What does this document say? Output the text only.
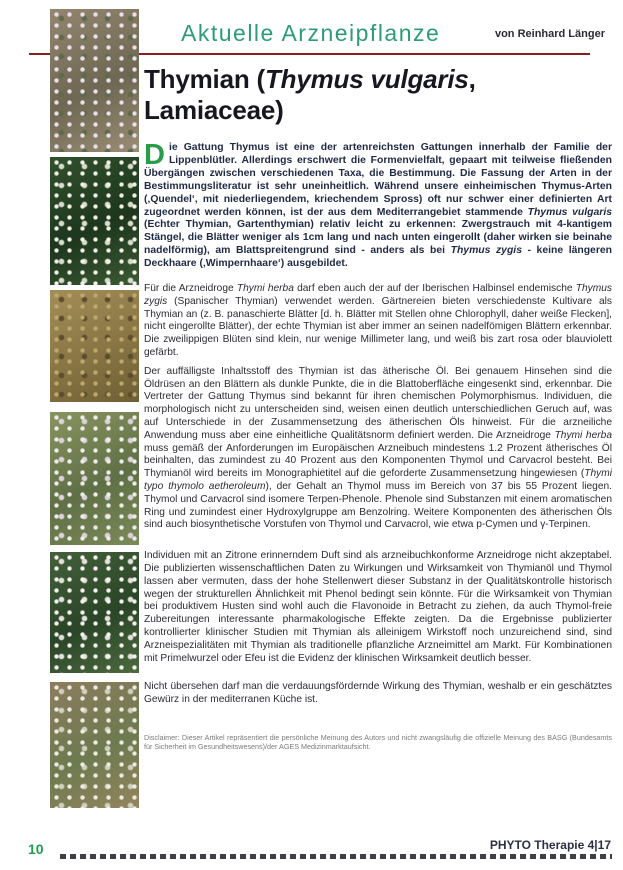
Aktuelle Arzneipflanze	von Reinhard Länger
Thymian (Thymus vulgaris, Lamiaceae)

Die Gattung Thymus ist eine der artenreichsten Gattungen innerhalb der Familie der Lippenblütler. Allerdings erschwert die Formenvielfalt, gepaart mit teilweise fließenden Übergängen zwischen verschiedenen Taxa, die Bestimmung. Die Fassung der Arten in der Bestimmungsliteratur ist sehr uneinheitlich. Während unsere einheimischen Thymus-Arten (‚Quendel‘, mit niederliegendem, kriechendem Spross) oft nur schwer einer definierten Art zugeordnet werden können, ist der aus dem Mediterrangebiet stammende Thymus vulgaris (Echter Thymian, Gartenthymian) relativ leicht zu erkennen: Zwergstrauch mit 4-kantigem Stängel, die Blätter weniger als 1cm lang und nach unten eingerollt (daher wirken sie beinahe nadelförmig), am Blattspreitengrund sind - anders als bei Thymus zygis - keine längeren Deckhaare (‚Wimpernhaare‘) ausgebildet.

Für die Arzneidroge Thymi herba darf eben auch der auf der Iberischen Halbinsel endemische Thymus zygis (Spanischer Thymian) verwendet werden. Gärtnereien bieten verschiedenste Kultivare als Thymian an (z. B. panaschierte Blätter [d. h. Blätter mit Stellen ohne Chlorophyll, daher weiße Flecken], nicht eingerollte Blätter), der echte Thymian ist aber immer an seinen nadelfömigen Blättern erkennbar. Die zweilippigen Blüten sind klein, nur wenige Millimeter lang, und weiß bis zart rosa oder blauviolett gefärbt.

Der auffälligste Inhaltsstoff des Thymian ist das ätherische Öl. Bei genauem Hinsehen sind die Öldrüsen an den Blättern als dunkle Punkte, die in die Blattoberfläche eingesenkt sind, erkennbar. Die Vertreter der Gattung Thymus sind bekannt für ihren chemischen Polymorphismus. Individuen, die morphologisch nicht zu unterscheiden sind, weisen einen deutlich unterschiedlichen Geruch auf, was auf Unterschiede in der Zusammensetzung des ätherischen Öls hinweist. Für die arzneiliche Anwendung muss aber eine einheitliche Qualitätsnorm definiert werden. Die Arzneidroge Thymi herba muss gemäß der Anforderungen im Europäischen Arzneibuch mindestens 1.2 Prozent ätherisches Öl beinhalten, das zumindest zu 40 Prozent aus den Komponenten Thymol und Carvacrol besteht. Bei Thymianöl wird bereits im Monographietitel auf die geforderte Zusammensetzung hingewiesen (Thymi typo thymolo aetheroleum), der Gehalt an Thymol muss im Bereich von 37 bis 55 Prozent liegen. Thymol und Carvacrol sind isomere Terpen-Phenole. Phenole sind Substanzen mit einem aromatischen Ring und zumindest einer Hydroxylgruppe am Benzolring. Weitere Komponenten des ätherischen Öls sind auch biosynthetische Vorstufen von Thymol und Carvacrol, wie etwa p-Cymen und γ-Terpinen.

Individuen mit an Zitrone erinnerndem Duft sind als arzneibuchkonforme Arzneidroge nicht akzeptabel. Die publizierten wissenschaftlichen Daten zu Wirkungen und Wirksamkeit von Thymianöl und Thymol lassen aber vermuten, dass der hohe Stellenwert dieser Substanz in der Qualitätskontrolle historisch wegen der strukturellen Ähnlichkeit mit Phenol bedingt sein könnte. Für die Wirksamkeit von Thymian bei produktivem Husten sind wohl auch die Flavonoide in Betracht zu ziehen, da auch Thymol-freie Zubereitungen interessante pharmakologische Effekte zeigten. Da die Ergebnisse publizierter kontrollierter klinischer Studien mit Thymian als alleinigem Wirkstoff noch unzureichend sind, sind Arzneispezialitäten mit Thymian als traditionelle pflanzliche Arzneimittel am Markt. Für Kombinationen mit Primelwurzel oder Efeu ist die Evidenz der klinischen Wirksamkeit deutlich besser.

Nicht übersehen darf man die verdauungsfördernde Wirkung des Thymian, weshalb er ein geschätztes Gewürz in der mediterranen Küche ist.

Disclaimer: Dieser Artikel repräsentiert die persönliche Meinung des Autors und nicht zwangsläufig die offizielle Meinung des BASG (Bundesamts für Sicherheit im Gesundheitswesens)/der AGES Medizinmarktaufsicht.

10	PHYTO Therapie 4|17
